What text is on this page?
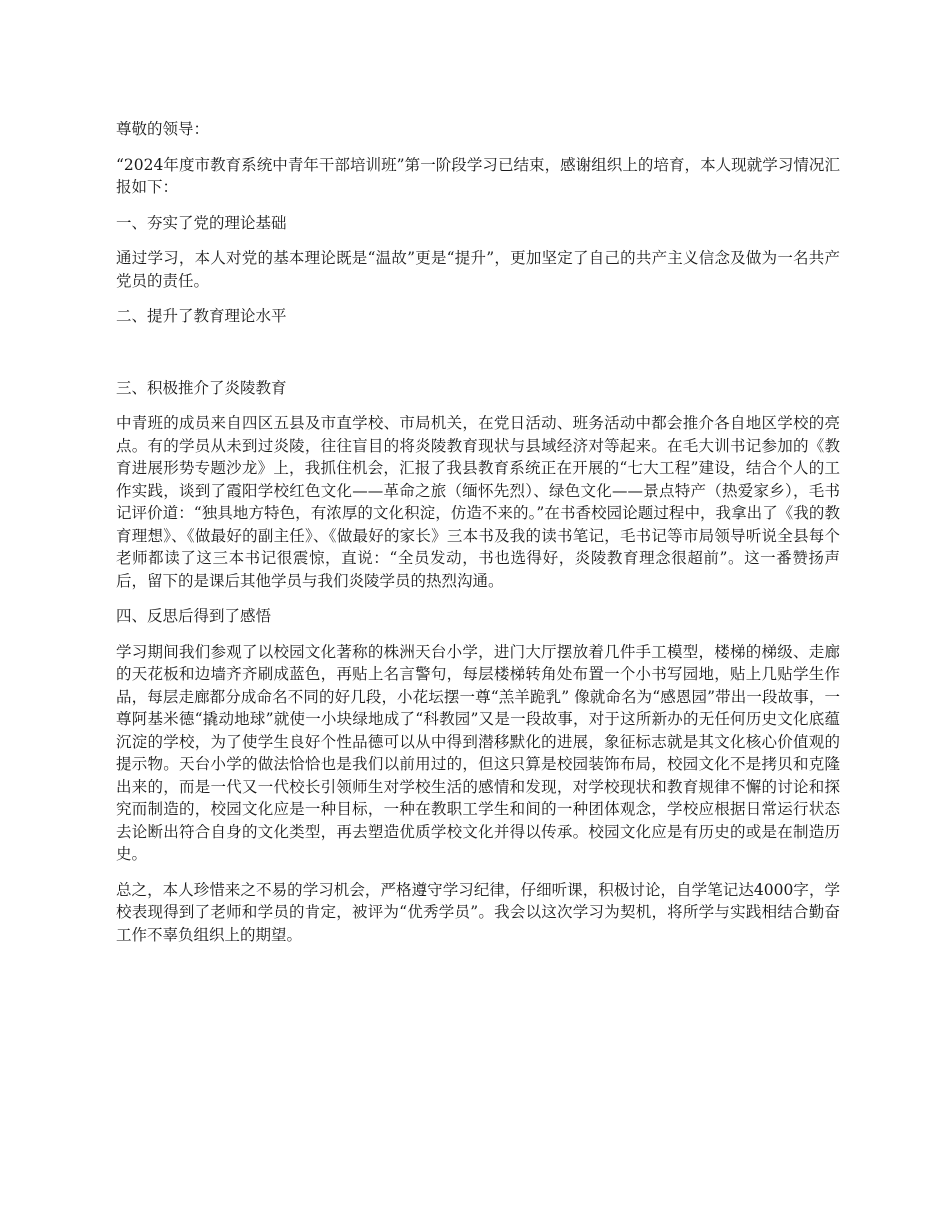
尊敬的领导：

“2024年度市教育系统中青年干部培训班”第一阶段学习已结束，感谢组织上的培育，本人现就学习情况汇报如下：

一、夯实了党的理论基础

通过学习，本人对党的基本理论既是“温故”更是“提升”，更加坚定了自己的共产主义信念及做为一名共产党员的责任。

二、提升了教育理论水平

三、积极推介了炎陵教育

中青班的成员来自四区五县及市直学校、市局机关，在党日活动、班务活动中都会推介各自地区学校的亮点。有的学员从未到过炎陵，往往盲目的将炎陵教育现状与县域经济对等起来。在毛大训书记参加的《教育进展形势专题沙龙》上，我抓住机会，汇报了我县教育系统正在开展的“七大工程”建设，结合个人的工作实践，谈到了霞阳学校红色文化——革命之旅（缅怀先烈）、绿色文化——景点特产（热爱家乡），毛书记评价道：“独具地方特色，有浓厚的文化积淀，仿造不来的。”在书香校园论题过程中，我拿出了《我的教育理想》、《做最好的副主任》、《做最好的家长》三本书及我的读书笔记，毛书记等市局领导听说全县每个老师都读了这三本书记很震惊，直说：“全员发动，书也选得好，炎陵教育理念很超前”。这一番赞扬声后，留下的是课后其他学员与我们炎陵学员的热烈沟通。

四、反思后得到了感悟

学习期间我们参观了以校园文化著称的株洲天台小学，进门大厅摆放着几件手工模型，楼梯的梯级、走廊的天花板和边墙齐齐刷成蓝色，再贴上名言警句，每层楼梯转角处布置一个小书写园地，贴上几贴学生作品，每层走廊都分成命名不同的好几段，小花坛摆一尊“羔羊跪乳” 像就命名为“感恩园”带出一段故事，一尊阿基米德“撬动地球”就使一小块绿地成了“科教园”又是一段故事，对于这所新办的无任何历史文化底蕴沉淀的学校，为了使学生良好个性品德可以从中得到潜移默化的进展，象征标志就是其文化核心价值观的提示物。天台小学的做法恰恰也是我们以前用过的，但这只算是校园装饰布局，校园文化不是拷贝和克隆出来的，而是一代又一代校长引领师生对学校生活的感情和发现，对学校现状和教育规律不懈的讨论和探究而制造的，校园文化应是一种目标，一种在教职工学生和间的一种团体观念，学校应根据日常运行状态去论断出符合自身的文化类型，再去塑造优质学校文化并得以传承。校园文化应是有历史的或是在制造历史。

总之，本人珍惜来之不易的学习机会，严格遵守学习纪律，仔细听课，积极讨论，自学笔记达4000字，学校表现得到了老师和学员的肯定，被评为“优秀学员”。我会以这次学习为契机，将所学与实践相结合勤奋工作不辜负组织上的期望。
